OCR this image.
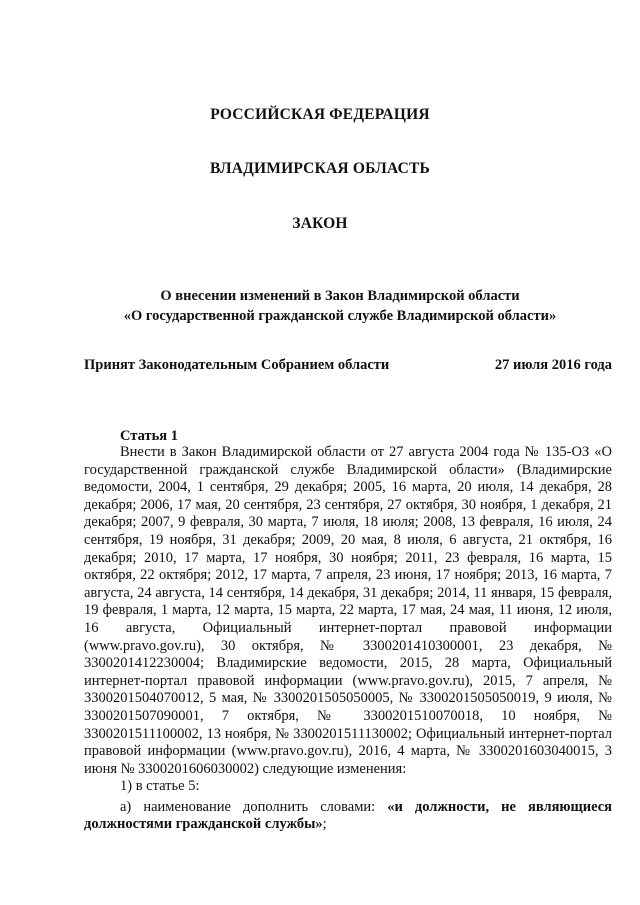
РОССИЙСКАЯ ФЕДЕРАЦИЯ
ВЛАДИМИРСКАЯ ОБЛАСТЬ
ЗАКОН
О внесении изменений в Закон Владимирской области
«О государственной гражданской службе Владимирской области»
Принят Законодательным Собранием области	27 июля 2016 года
Статья 1

Внести в Закон Владимирской области от 27 августа 2004 года № 135-ОЗ «О государственной гражданской службе Владимирской области» (Владимирские ведомости, 2004, 1 сентября, 29 декабря; 2005, 16 марта, 20 июля, 14 декабря, 28 декабря; 2006, 17 мая, 20 сентября, 23 сентября, 27 октября, 30 ноября, 1 декабря, 21 декабря; 2007, 9 февраля, 30 марта, 7 июля, 18 июля; 2008, 13 февраля, 16 июля, 24 сентября, 19 ноября, 31 декабря; 2009, 20 мая, 8 июля, 6 августа, 21 октября, 16 декабря; 2010, 17 марта, 17 ноября, 30 ноября; 2011, 23 февраля, 16 марта, 15 октября, 22 октября; 2012, 17 марта, 7 апреля, 23 июня, 17 ноября; 2013, 16 марта, 7 августа, 24 августа, 14 сентября, 14 декабря, 31 декабря; 2014, 11 января, 15 февраля, 19 февраля, 1 марта, 12 марта, 15 марта, 22 марта, 17 мая, 24 мая, 11 июня, 12 июля, 16 августа, Официальный интернет-портал правовой информации (www.pravo.gov.ru), 30 октября, № 3300201410300001, 23 декабря, № 3300201412230004; Владимирские ведомости, 2015, 28 марта, Официальный интернет-портал правовой информации (www.pravo.gov.ru), 2015, 7 апреля, № 3300201504070012, 5 мая, № 3300201505050005, № 3300201505050019, 9 июля, № 3300201507090001, 7 октября, № 3300201510070018, 10 ноября, № 3300201511100002, 13 ноября, № 3300201511130002; Официальный интернет-портал правовой информации (www.pravo.gov.ru), 2016, 4 марта, № 3300201603040015, 3 июня № 3300201606030002) следующие изменения:

1) в статье 5:

а) наименование дополнить словами: «и должности, не являющиеся должностями гражданской службы»;
